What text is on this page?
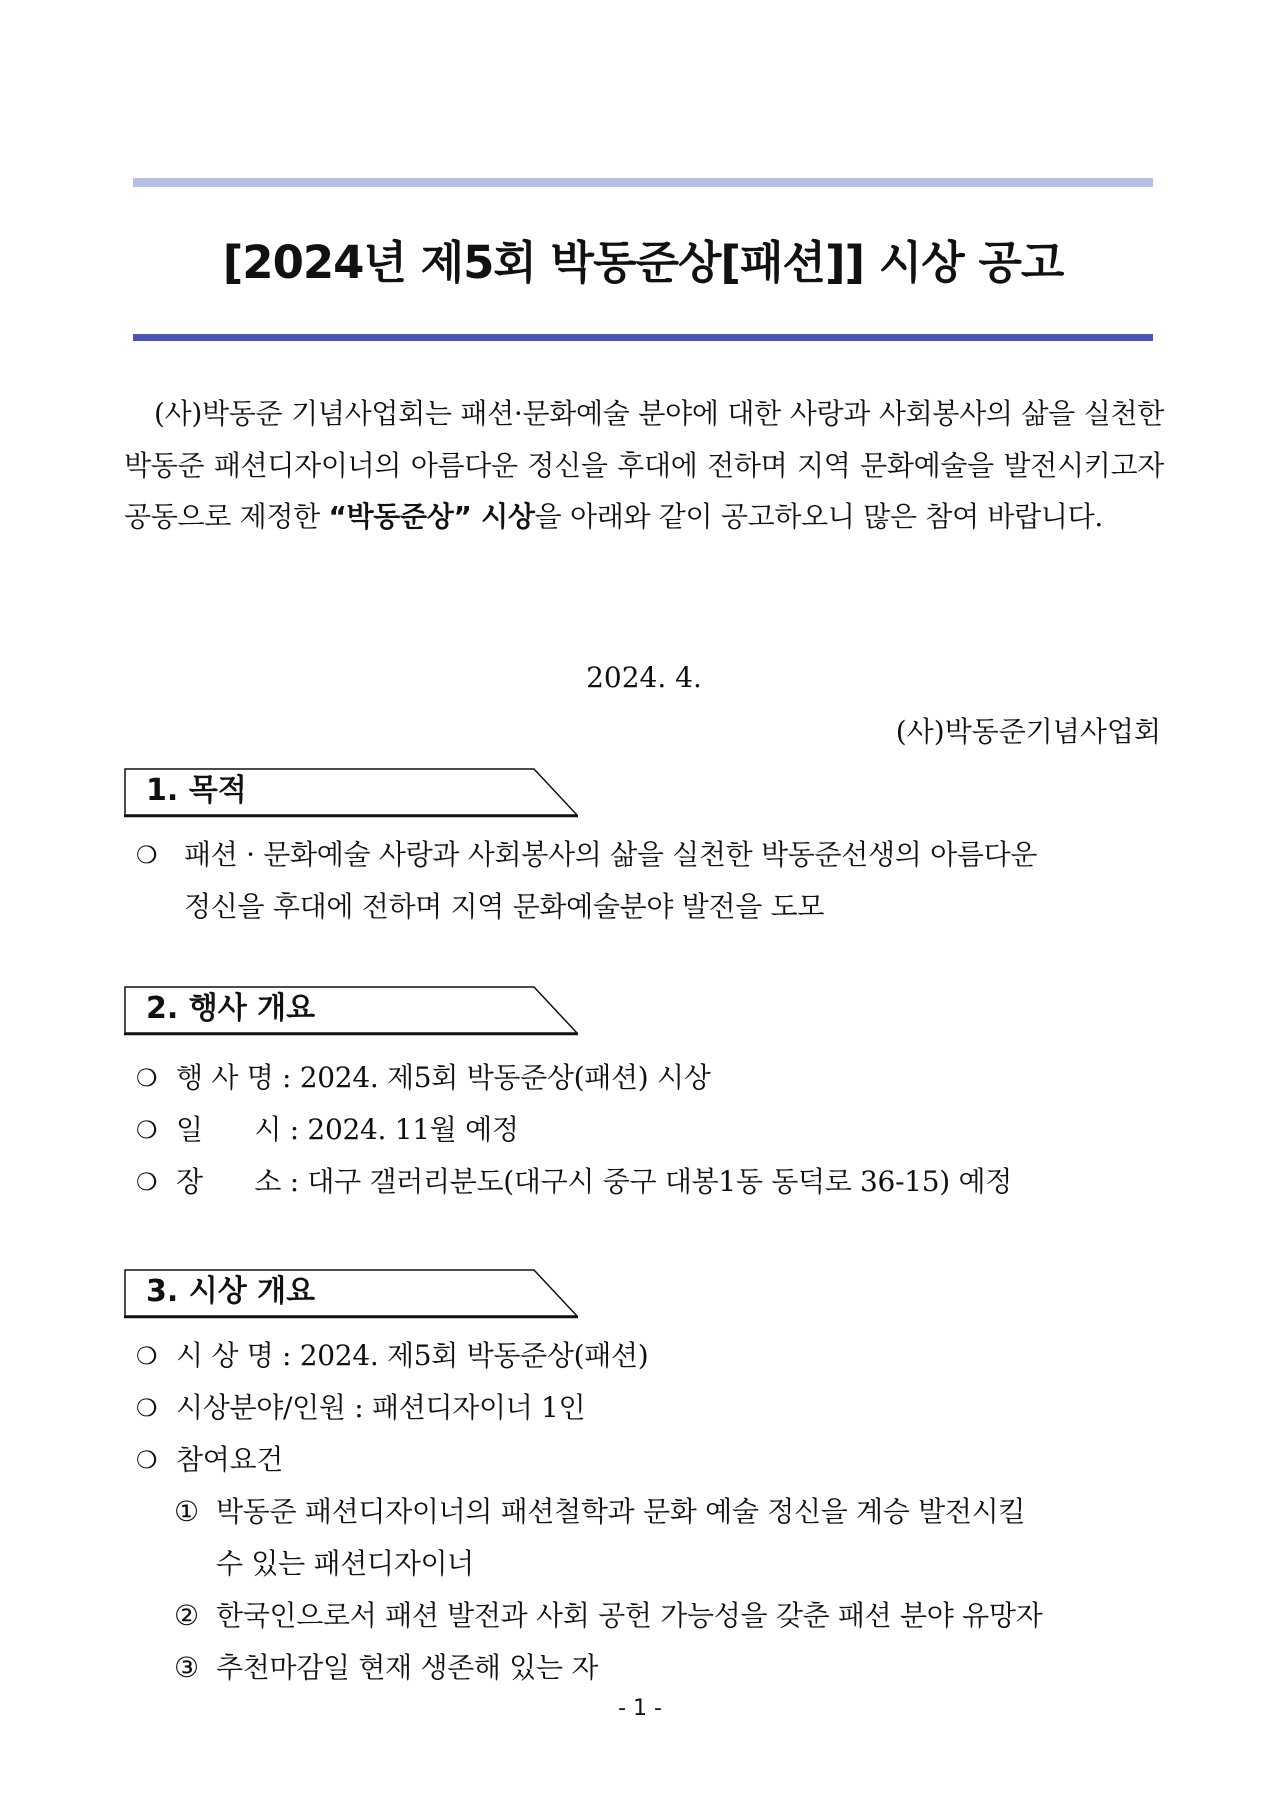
[2024년 제5회 박동준상[패션]] 시상 공고

(사)박동준 기념사업회는 패션·문화예술 분야에 대한 사랑과 사회봉사의 삶을 실천한 박동준 패션디자이너의 아름다운 정신을 후대에 전하며 지역 문화예술을 발전시키고자 공동으로 제정한 “박동준상” 시상을 아래와 같이 공고하오니 많은 참여 바랍니다.

2024. 4.
(사)박동준기념사업회
1. 목적
❍ 패션 · 문화예술 사랑과 사회봉사의 삶을 실천한 박동준선생의 아름다운
정신을 후대에 전하며 지역 문화예술분야 발전을 도모
2. 행사 개요
❍ 행 사 명 : 2024. 제5회 박동준상(패션) 시상
❍ 일      시 : 2024. 11월 예정
❍ 장      소 : 대구 갤러리분도(대구시 중구 대봉1동 동덕로 36-15) 예정
3. 시상 개요
❍ 시 상 명 : 2024. 제5회 박동준상(패션)
❍ 시상분야/인원 : 패션디자이너 1인
❍ 참여요건
① 박동준 패션디자이너의 패션철학과 문화 예술 정신을 계승 발전시킬
수 있는 패션디자이너
② 한국인으로서 패션 발전과 사회 공헌 가능성을 갖춘 패션 분야 유망자
③ 추천마감일 현재 생존해 있는 자
- 1 -
